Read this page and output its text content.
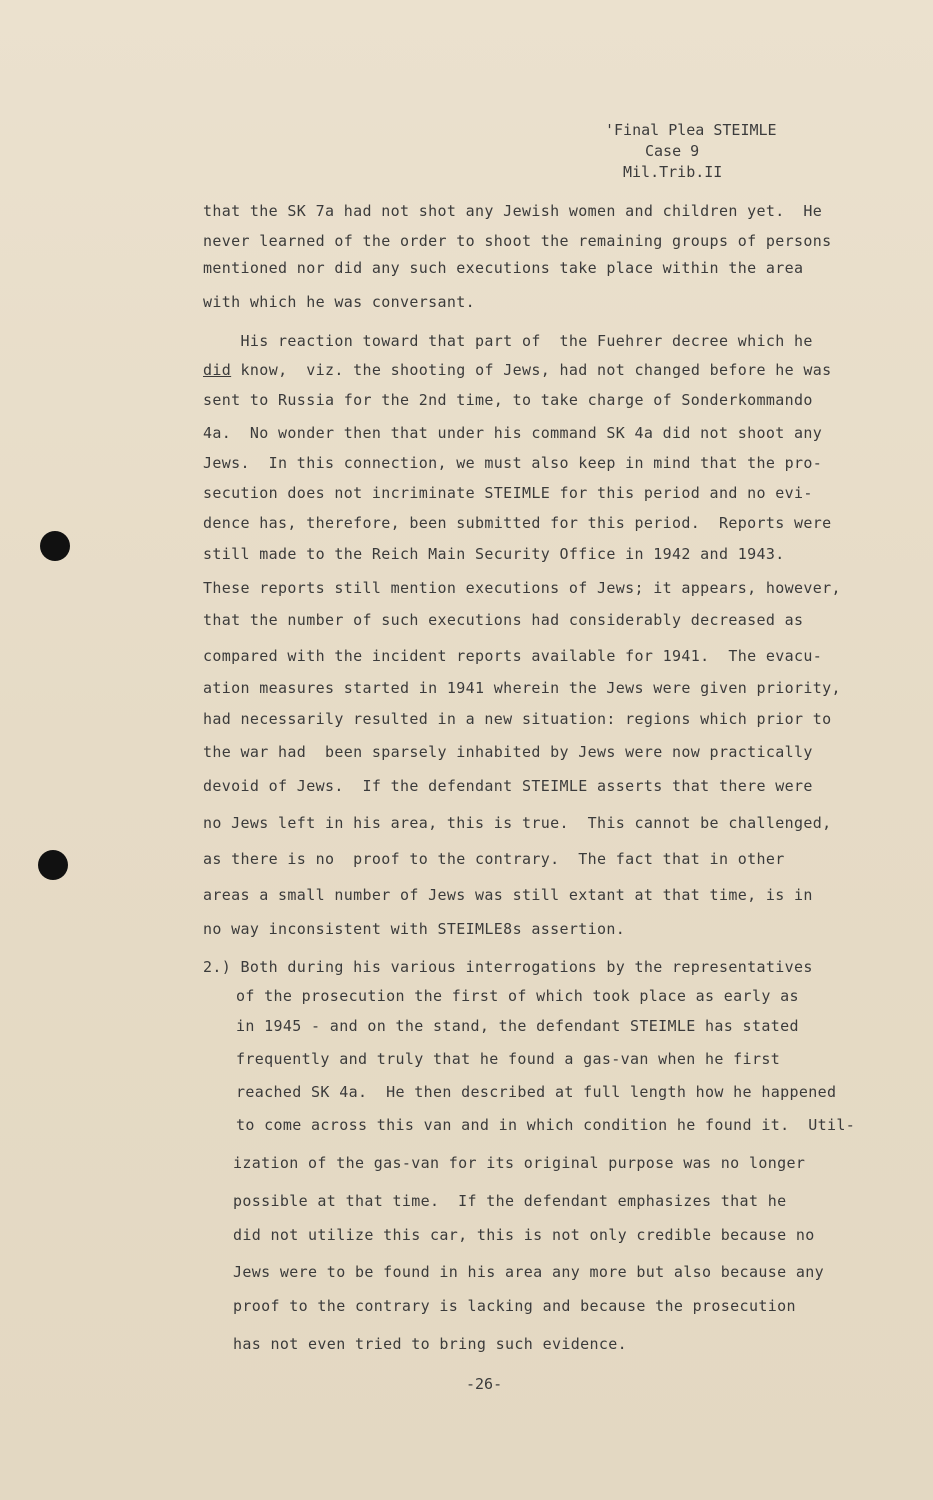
'Final Plea STEIMLE
Case 9
Mil.Trib.II
that the SK 7a had not shot any Jewish women and children yet.  He
never learned of the order to shoot the remaining groups of persons
mentioned nor did any such executions take place within the area
with which he was conversant.
His reaction toward that part of  the Fuehrer decree which he
did know,  viz. the shooting of Jews, had not changed before he was
sent to Russia for the 2nd time, to take charge of Sonderkommando
4a.  No wonder then that under his command SK 4a did not shoot any
Jews.  In this connection, we must also keep in mind that the pro-
secution does not incriminate STEIMLE for this period and no evi-
dence has, therefore, been submitted for this period.  Reports were
still made to the Reich Main Security Office in 1942 and 1943.
These reports still mention executions of Jews; it appears, however,
that the number of such executions had considerably decreased as
compared with the incident reports available for 1941.  The evacu-
ation measures started in 1941 wherein the Jews were given priority,
had necessarily resulted in a new situation: regions which prior to
the war had  been sparsely inhabited by Jews were now practically
devoid of Jews.  If the defendant STEIMLE asserts that there were
no Jews left in his area, this is true.  This cannot be challenged,
as there is no  proof to the contrary.  The fact that in other
areas a small number of Jews was still extant at that time, is in
no way inconsistent with STEIMLE8s assertion.
2.) Both during his various interrogations by the representatives
of the prosecution the first of which took place as early as
in 1945 - and on the stand, the defendant STEIMLE has stated
frequently and truly that he found a gas-van when he first
reached SK 4a.  He then described at full length how he happened
to come across this van and in which condition he found it.  Util-
ization of the gas-van for its original purpose was no longer
possible at that time.  If the defendant emphasizes that he
did not utilize this car, this is not only credible because no
Jews were to be found in his area any more but also because any
proof to the contrary is lacking and because the prosecution
has not even tried to bring such evidence.
-26-
